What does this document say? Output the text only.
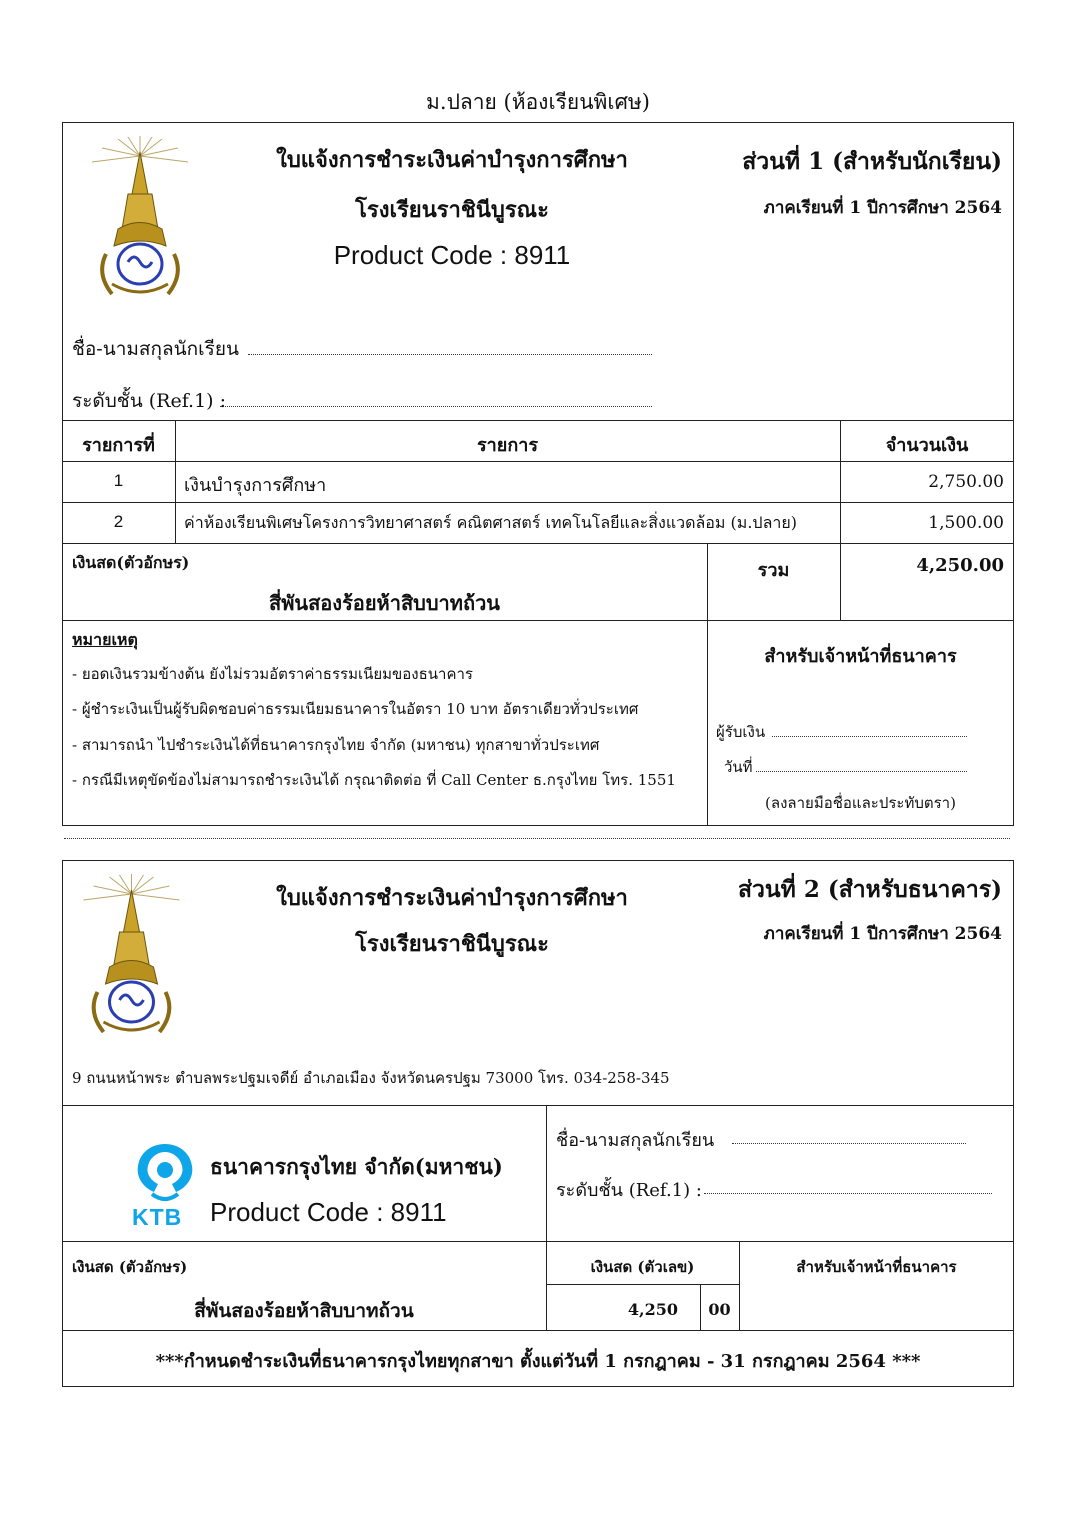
ม.ปลาย (ห้องเรียนพิเศษ)
ใบแจ้งการชำระเงินค่าบำรุงการศึกษา
โรงเรียนราชินีบูรณะ
Product Code : 8911
ส่วนที่ 1 (สำหรับนักเรียน)
ภาคเรียนที่ 1 ปีการศึกษา 2564
ชื่อ-นามสกุลนักเรียน
ระดับชั้น (Ref.1) :
รายการที่	รายการ	จำนวนเงิน
1	เงินบำรุงการศึกษา	2,750.00
2	ค่าห้องเรียนพิเศษโครงการวิทยาศาสตร์ คณิตศาสตร์ เทคโนโลยีและสิ่งแวดล้อม (ม.ปลาย)	1,500.00
เงินสด(ตัวอักษร)
สี่พันสองร้อยห้าสิบบาทถ้วน
รวม	4,250.00
หมายเหตุ
- ยอดเงินรวมข้างต้น ยังไม่รวมอัตราค่าธรรมเนียมของธนาคาร
- ผู้ชำระเงินเป็นผู้รับผิดชอบค่าธรรมเนียมธนาคารในอัตรา 10 บาท อัตราเดียวทั่วประเทศ
- สามารถนำ ไปชำระเงินได้ที่ธนาคารกรุงไทย จำกัด (มหาชน) ทุกสาขาทั่วประเทศ
- กรณีมีเหตุขัดข้องไม่สามารถชำระเงินได้ กรุณาติดต่อ ที่ Call Center ธ.กรุงไทย โทร. 1551
สำหรับเจ้าหน้าที่ธนาคาร
ผู้รับเงิน
วันที่
(ลงลายมือชื่อและประทับตรา)
ใบแจ้งการชำระเงินค่าบำรุงการศึกษา
โรงเรียนราชินีบูรณะ
ส่วนที่ 2 (สำหรับธนาคาร)
ภาคเรียนที่ 1 ปีการศึกษา 2564
9 ถนนหน้าพระ ตำบลพระปฐมเจดีย์ อำเภอเมือง จังหวัดนครปฐม 73000 โทร. 034-258-345
KTB
ธนาคารกรุงไทย จำกัด(มหาชน)
Product Code : 8911
ชื่อ-นามสกุลนักเรียน
ระดับชั้น (Ref.1) :
เงินสด (ตัวอักษร)
สี่พันสองร้อยห้าสิบบาทถ้วน
เงินสด (ตัวเลข)
4,250	00
สำหรับเจ้าหน้าที่ธนาคาร
***กำหนดชำระเงินที่ธนาคารกรุงไทยทุกสาขา ตั้งแต่วันที่ 1 กรกฎาคม - 31 กรกฎาคม 2564 ***
